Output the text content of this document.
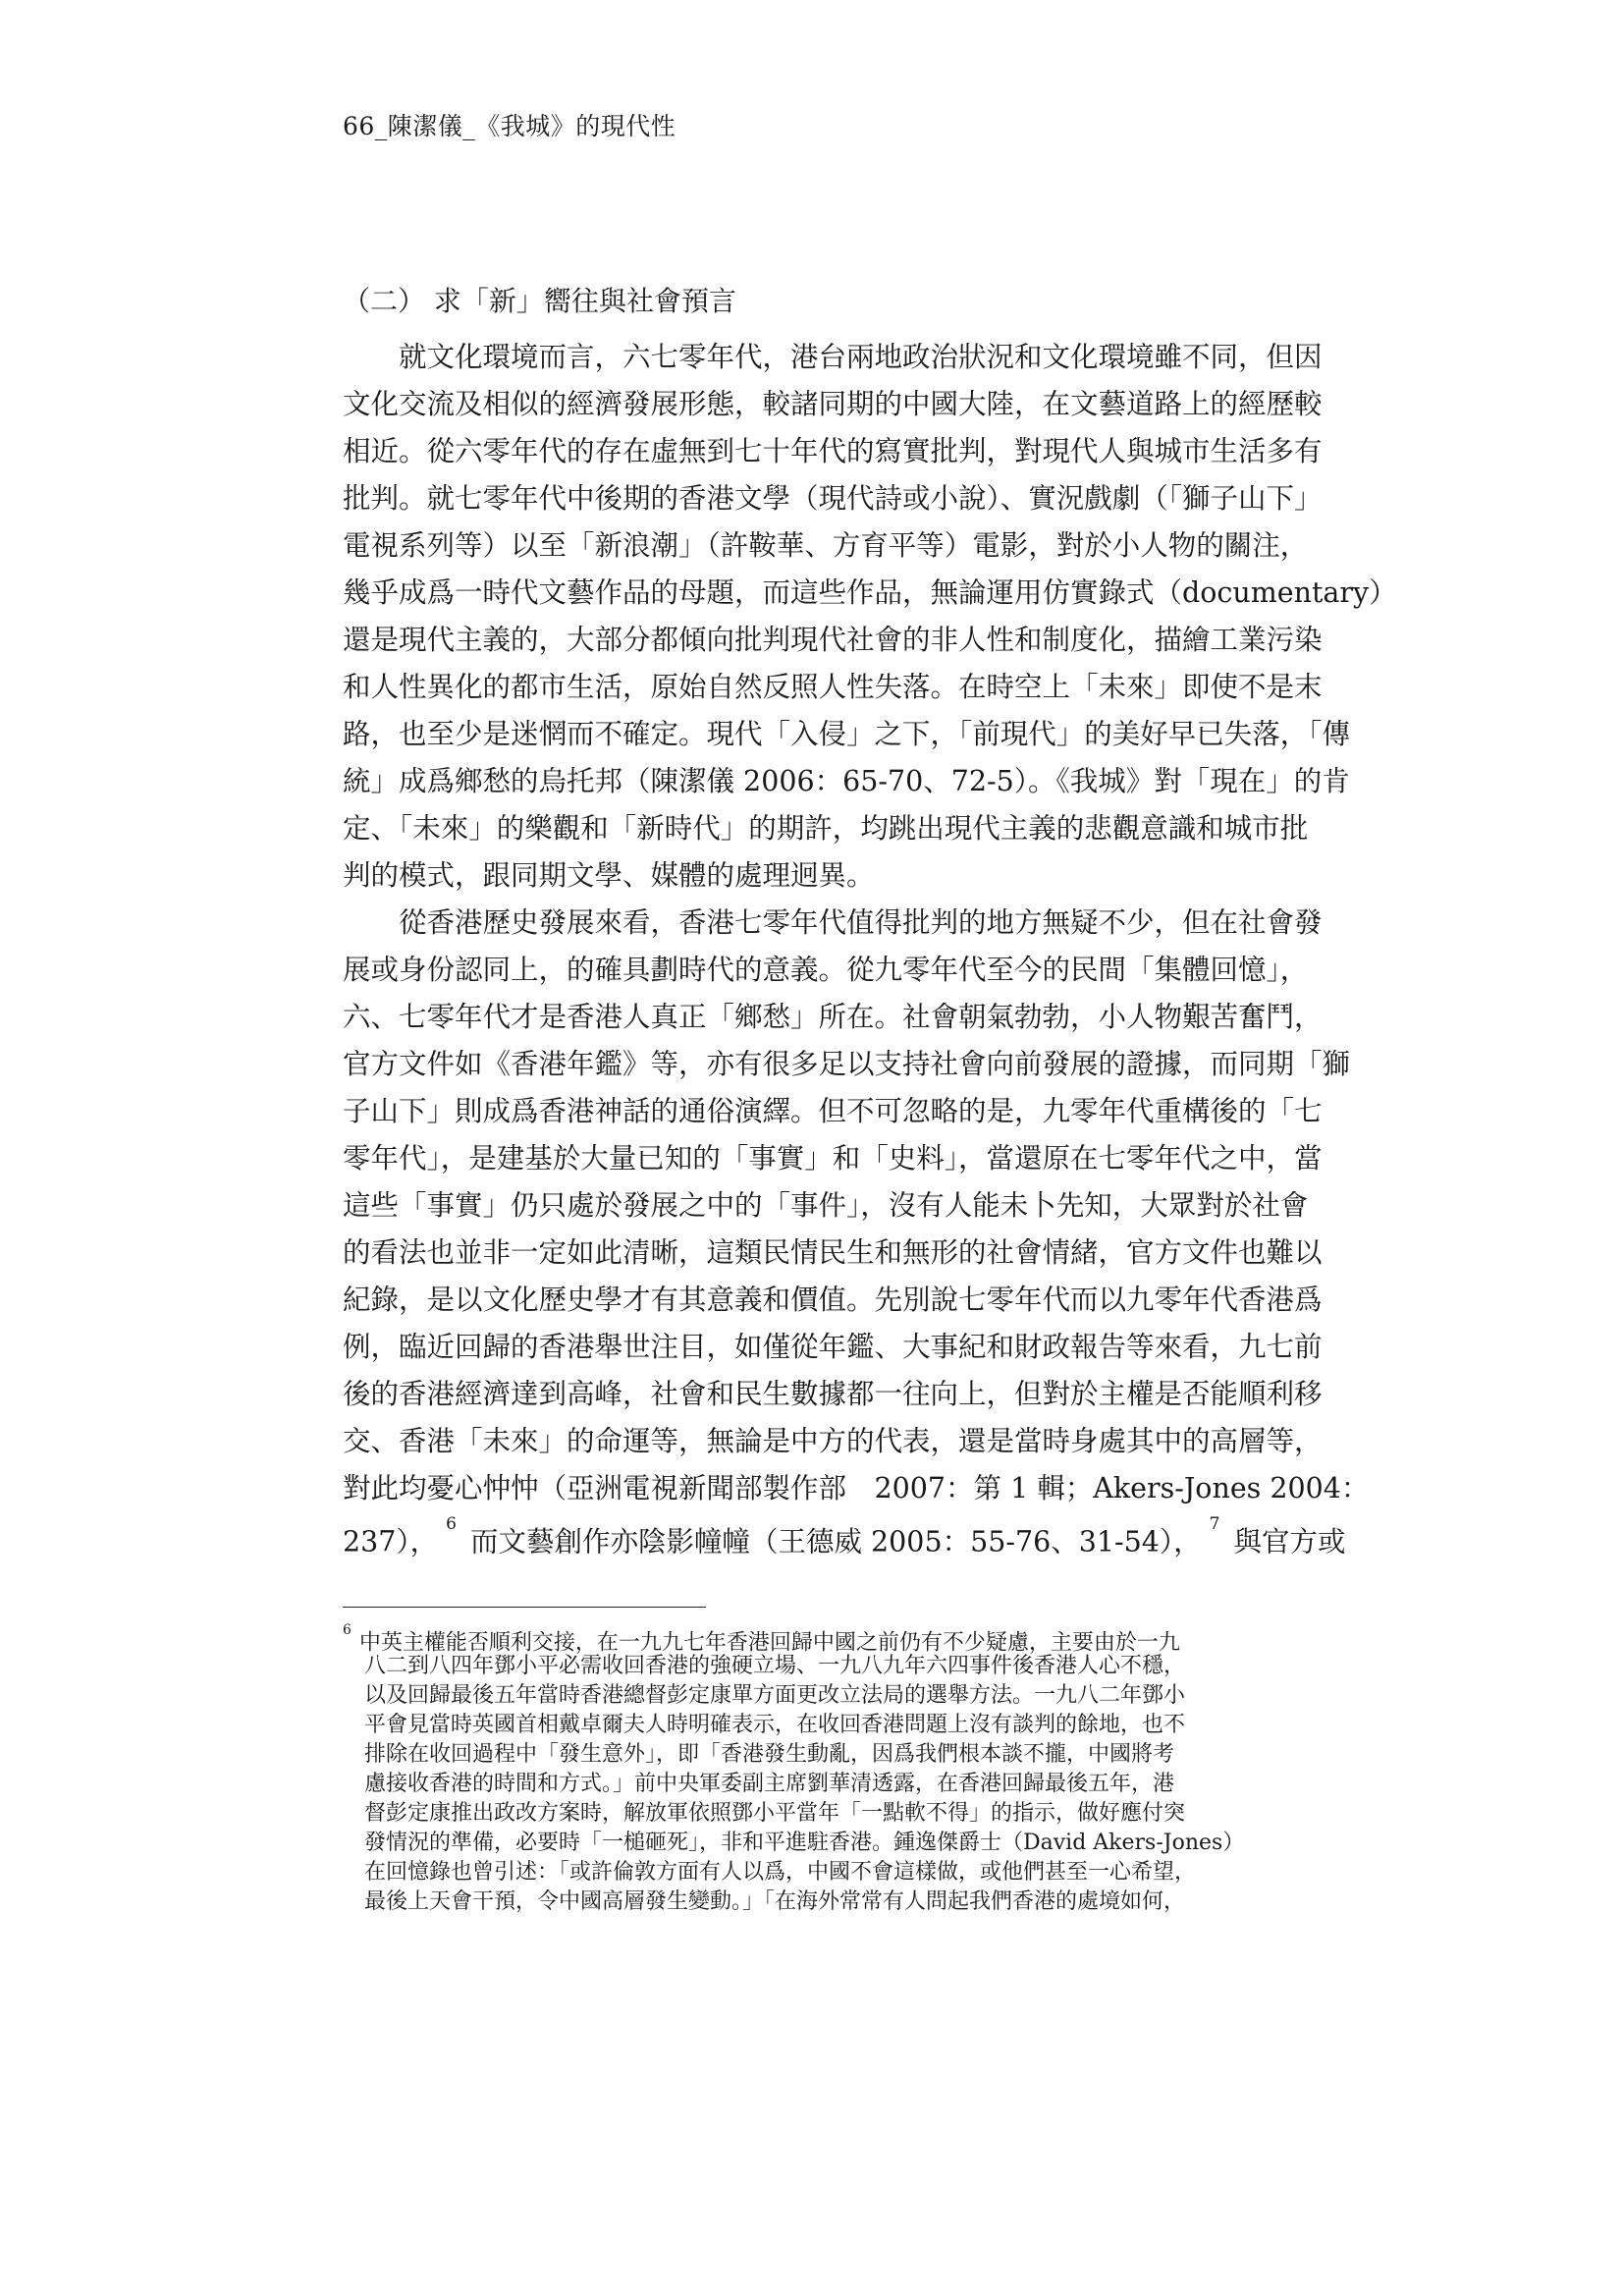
66_陳潔儀_《我城》的現代性
（二） 求「新」嚮往與社會預言
　　就文化環境而言，六七零年代，港台兩地政治狀況和文化環境雖不同，但因
文化交流及相似的經濟發展形態，較諸同期的中國大陸，在文藝道路上的經歷較
相近。從六零年代的存在虛無到七十年代的寫實批判，對現代人與城市生活多有
批判。就七零年代中後期的香港文學（現代詩或小說）、實況戲劇（「獅子山下」
電視系列等）以至「新浪潮」（許鞍華、方育平等）電影，對於小人物的關注，
幾乎成爲一時代文藝作品的母題，而這些作品，無論運用仿實錄式（documentary）
還是現代主義的，大部分都傾向批判現代社會的非人性和制度化，描繪工業污染
和人性異化的都市生活，原始自然反照人性失落。在時空上「未來」即使不是末
路，也至少是迷惘而不確定。現代「入侵」之下，「前現代」的美好早已失落，「傳
統」成爲鄉愁的烏托邦（陳潔儀 2006：65-70、72-5）。《我城》對「現在」的肯
定、「未來」的樂觀和「新時代」的期許，均跳出現代主義的悲觀意識和城市批
判的模式，跟同期文學、媒體的處理迥異。
　　從香港歷史發展來看，香港七零年代值得批判的地方無疑不少，但在社會發
展或身份認同上，的確具劃時代的意義。從九零年代至今的民間「集體回憶」，
六、七零年代才是香港人真正「鄉愁」所在。社會朝氣勃勃，小人物艱苦奮鬥，
官方文件如《香港年鑑》等，亦有很多足以支持社會向前發展的證據，而同期「獅
子山下」則成爲香港神話的通俗演繹。但不可忽略的是，九零年代重構後的「七
零年代」，是建基於大量已知的「事實」和「史料」，當還原在七零年代之中，當
這些「事實」仍只處於發展之中的「事件」，沒有人能未卜先知，大眾對於社會
的看法也並非一定如此清晰，這類民情民生和無形的社會情緒，官方文件也難以
紀錄，是以文化歷史學才有其意義和價值。先別說七零年代而以九零年代香港爲
例，臨近回歸的香港舉世注目，如僅從年鑑、大事紀和財政報告等來看，九七前
後的香港經濟達到高峰，社會和民生數據都一往向上，但對於主權是否能順利移
交、香港「未來」的命運等，無論是中方的代表，還是當時身處其中的高層等，
對此均憂心忡忡（亞洲電視新聞部製作部　2007：第 1 輯；Akers-Jones 2004：
237），$^6$而文藝創作亦陰影幢幢（王德威 2005：55-76、31-54），$^7$與官方或
$^6$中英主權能否順利交接，在一九九七年香港回歸中國之前仍有不少疑慮，主要由於一九
八二到八四年鄧小平必需收回香港的強硬立場、一九八九年六四事件後香港人心不穩，
以及回歸最後五年當時香港總督彭定康單方面更改立法局的選舉方法。一九八二年鄧小
平會見當時英國首相戴卓爾夫人時明確表示，在收回香港問題上沒有談判的餘地，也不
排除在收回過程中「發生意外」，即「香港發生動亂，因爲我們根本談不攏，中國將考
慮接收香港的時間和方式。」前中央軍委副主席劉華清透露，在香港回歸最後五年，港
督彭定康推出政改方案時，解放軍依照鄧小平當年「一點軟不得」的指示，做好應付突
發情況的準備，必要時「一槌砸死」，非和平進駐香港。鍾逸傑爵士（David Akers-Jones）
在回憶錄也曾引述：「或許倫敦方面有人以爲，中國不會這樣做，或他們甚至一心希望，
最後上天會干預，令中國高層發生變動。」「在海外常常有人問起我們香港的處境如何，
